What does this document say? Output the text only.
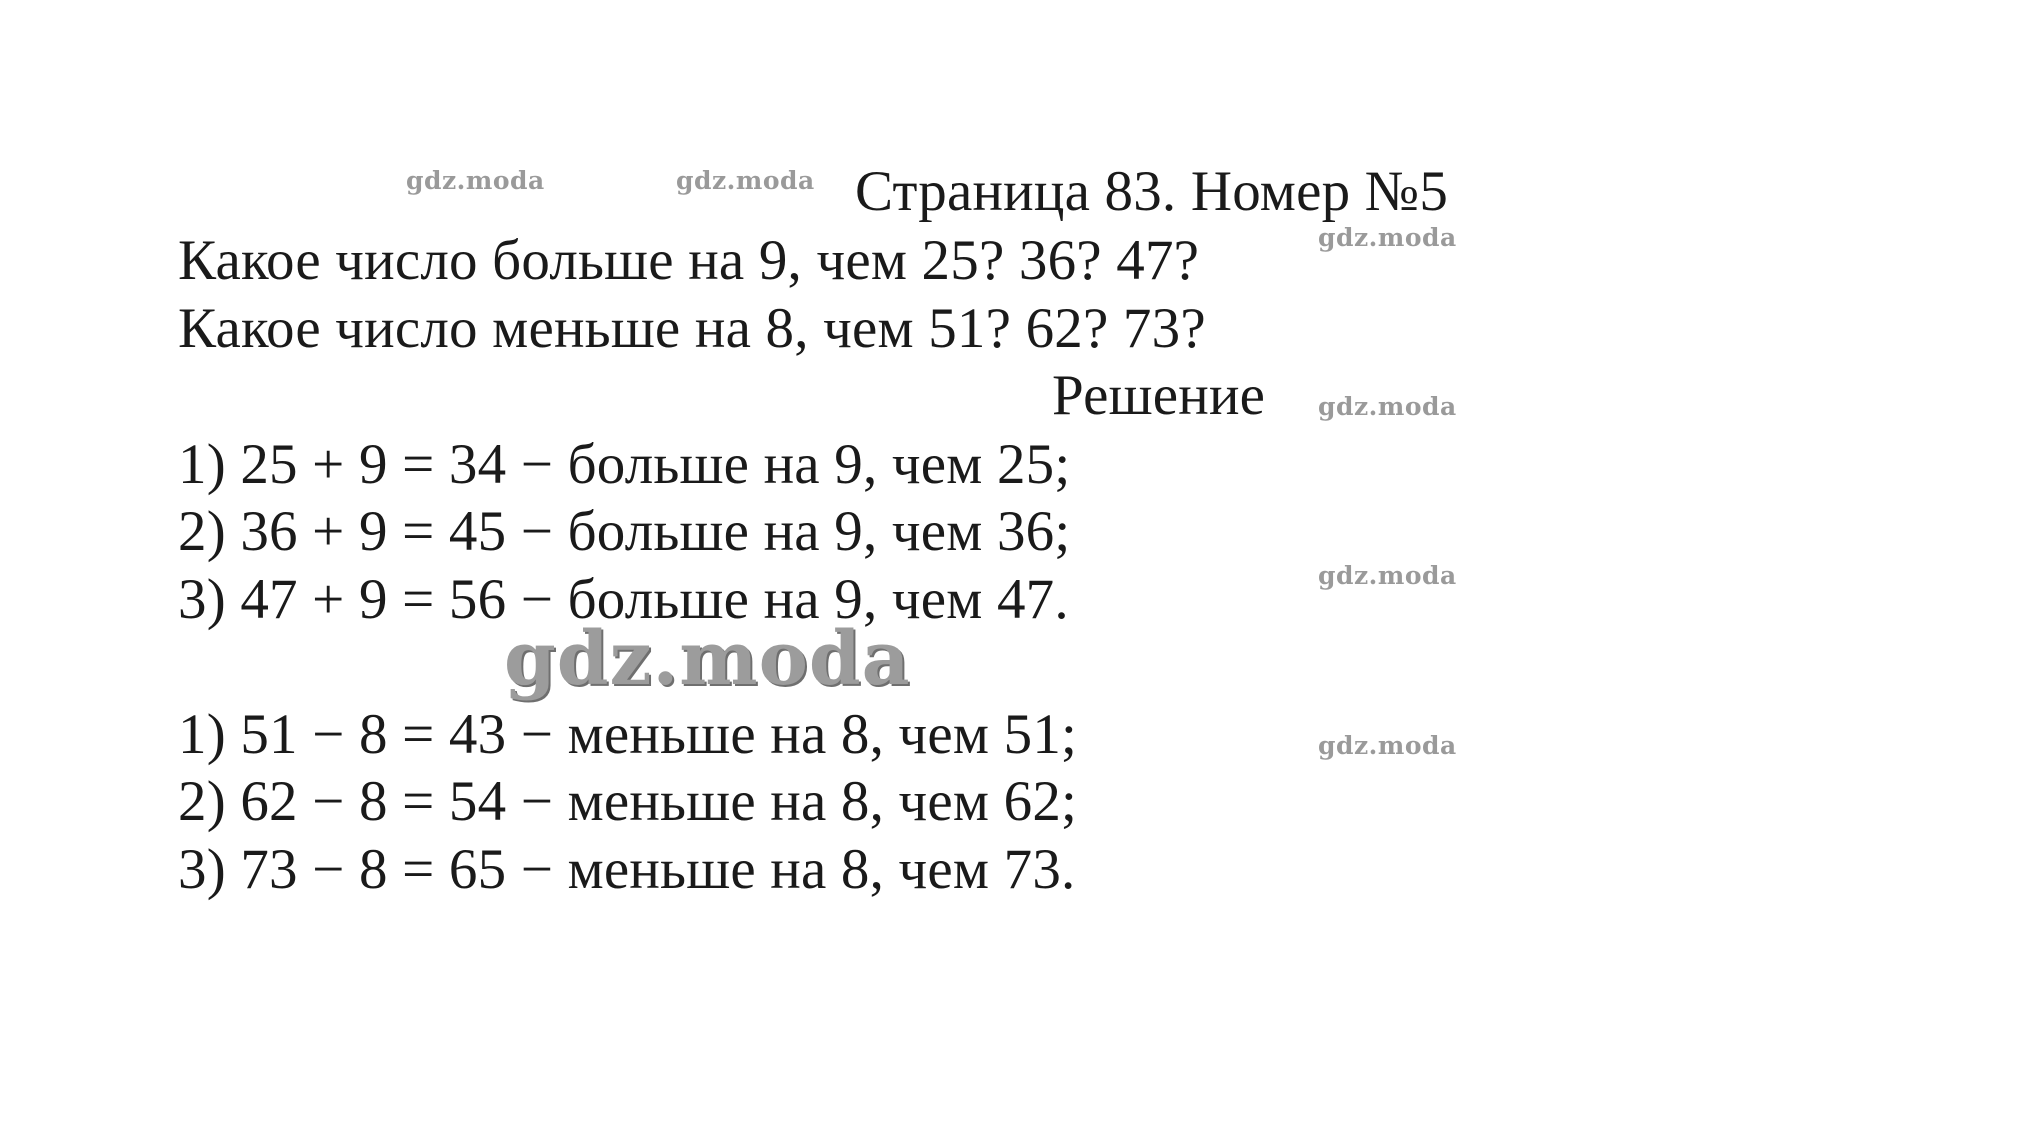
gdz.moda	gdz.moda
gdz.moda
gdz.moda
gdz.moda
gdz.moda
gdz.moda
Страница 83. Номер №5
Какое число больше на 9, чем 25? 36? 47?
Какое число меньше на 8, чем 51? 62? 73?
Решение
1) 25 + 9 = 34 − больше на 9, чем 25;
2) 36 + 9 = 45 − больше на 9, чем 36;
3) 47 + 9 = 56 − больше на 9, чем 47.
1) 51 − 8 = 43 − меньше на 8, чем 51;
2) 62 − 8 = 54 − меньше на 8, чем 62;
3) 73 − 8 = 65 − меньше на 8, чем 73.
